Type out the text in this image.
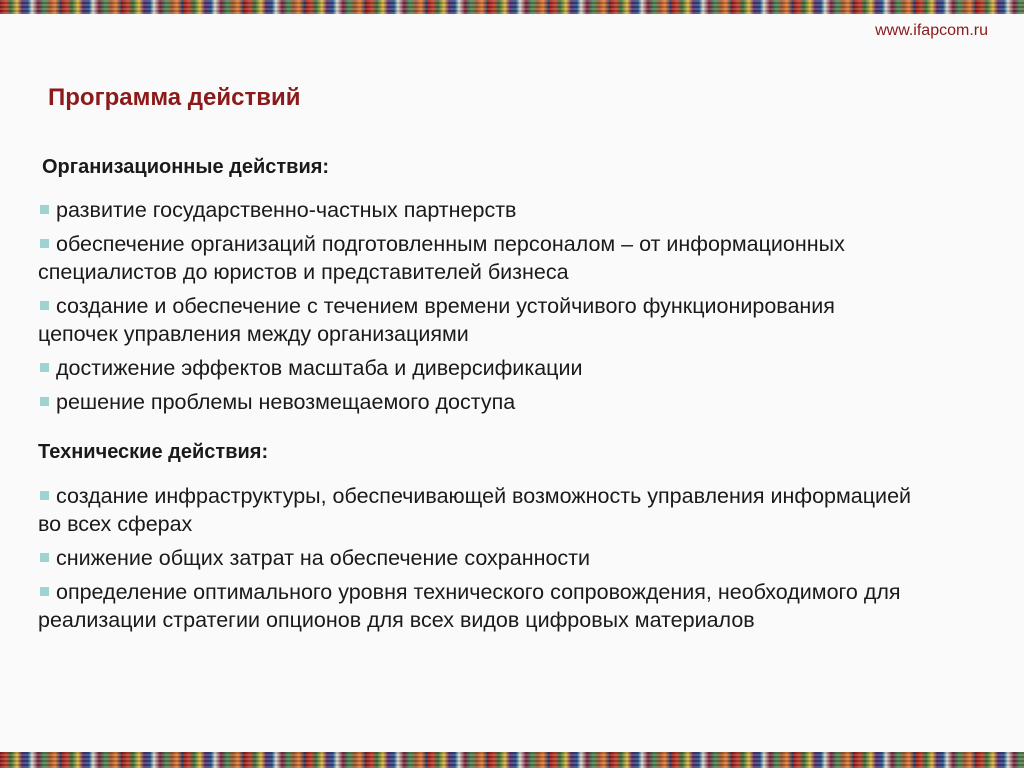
www.ifapcom.ru
Программа действий
Организационные действия:
развитие государственно-частных партнерств
обеспечение организаций подготовленным персоналом – от информационных специалистов до юристов и представителей бизнеса
создание и обеспечение с течением времени устойчивого функционирования цепочек управления между организациями
достижение эффектов масштаба и диверсификации
решение проблемы невозмещаемого доступа
Технические действия:
создание инфраструктуры, обеспечивающей возможность управления информацией во всех сферах
снижение общих затрат на обеспечение сохранности
определение оптимального уровня технического сопровождения, необходимого для реализации стратегии опционов для всех видов цифровых материалов
